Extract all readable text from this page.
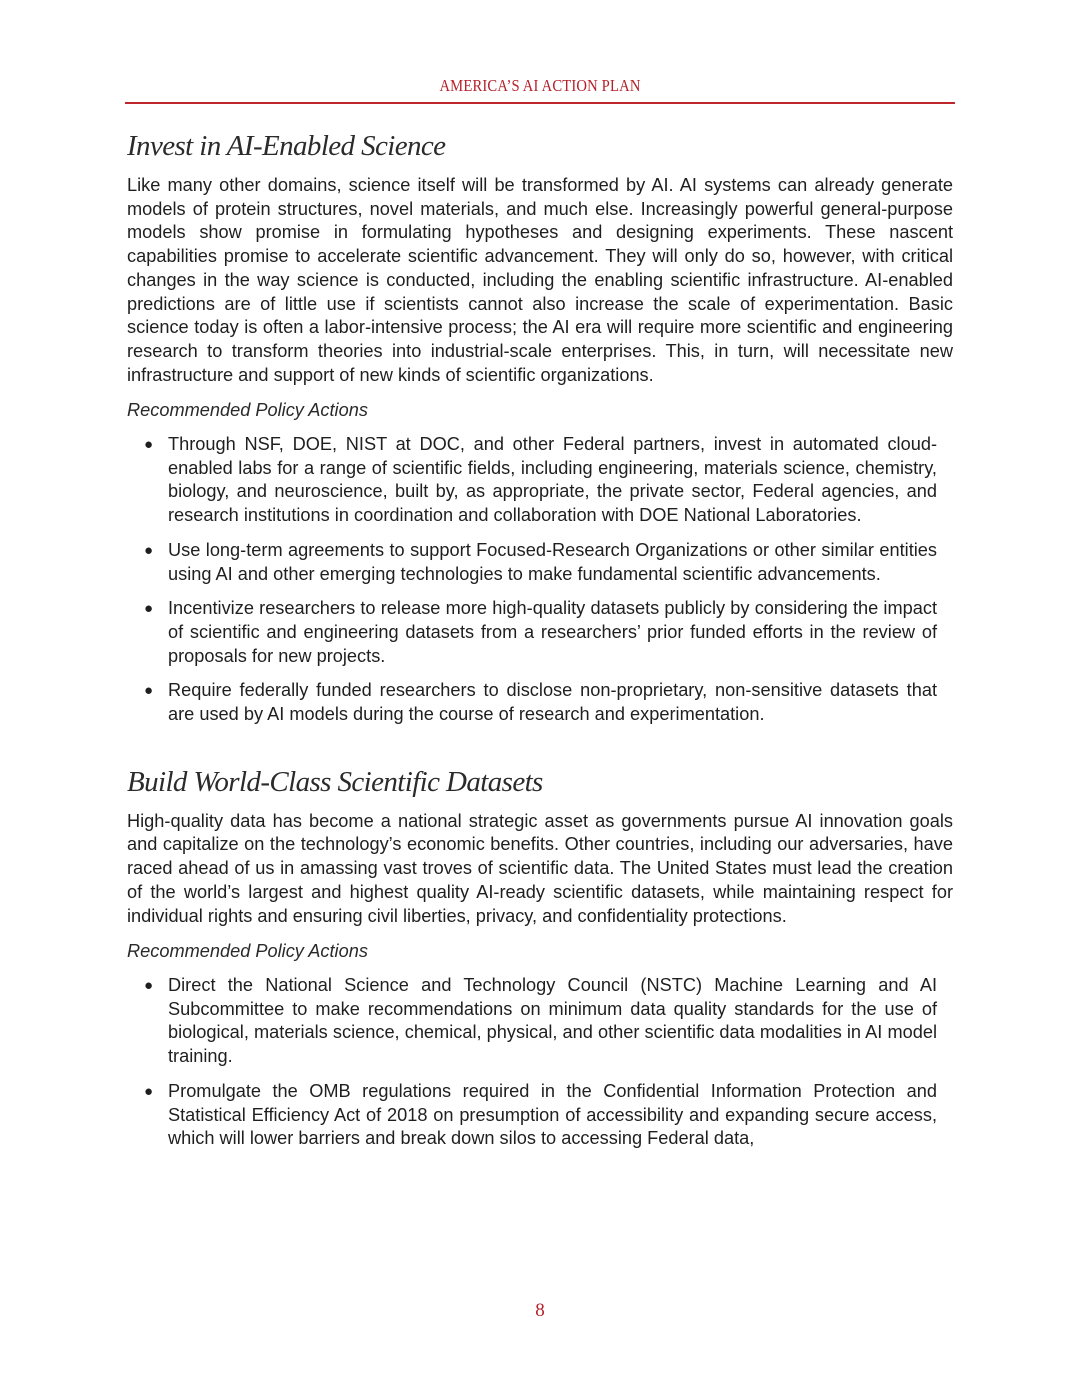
AMERICA’S AI ACTION PLAN
Invest in AI-Enabled Science

Like many other domains, science itself will be transformed by AI. AI systems can already generate models of protein structures, novel materials, and much else. Increasingly powerful general-purpose models show promise in formulating hypotheses and designing experiments. These nascent capabilities promise to accelerate scientific advancement. They will only do so, however, with critical changes in the way science is conducted, including the enabling scientific infrastructure. AI-enabled predictions are of little use if scientists cannot also increase the scale of experimentation. Basic science today is often a labor-intensive process; the AI era will require more scientific and engineering research to transform theories into industrial-scale enterprises. This, in turn, will necessitate new infrastructure and support of new kinds of scientific organizations.

Recommended Policy Actions

● Through NSF, DOE, NIST at DOC, and other Federal partners, invest in automated cloud-enabled labs for a range of scientific fields, including engineering, materials science, chemistry, biology, and neuroscience, built by, as appropriate, the private sector, Federal agencies, and research institutions in coordination and collaboration with DOE National Laboratories.
● Use long-term agreements to support Focused-Research Organizations or other similar entities using AI and other emerging technologies to make fundamental scientific advancements.
● Incentivize researchers to release more high-quality datasets publicly by considering the impact of scientific and engineering datasets from a researchers’ prior funded efforts in the review of proposals for new projects.
● Require federally funded researchers to disclose non-proprietary, non-sensitive datasets that are used by AI models during the course of research and experimentation.
Build World-Class Scientific Datasets

High-quality data has become a national strategic asset as governments pursue AI innovation goals and capitalize on the technology’s economic benefits. Other countries, including our adversaries, have raced ahead of us in amassing vast troves of scientific data. The United States must lead the creation of the world’s largest and highest quality AI-ready scientific datasets, while maintaining respect for individual rights and ensuring civil liberties, privacy, and confidentiality protections.

Recommended Policy Actions

● Direct the National Science and Technology Council (NSTC) Machine Learning and AI Subcommittee to make recommendations on minimum data quality standards for the use of biological, materials science, chemical, physical, and other scientific data modalities in AI model training.
● Promulgate the OMB regulations required in the Confidential Information Protection and Statistical Efficiency Act of 2018 on presumption of accessibility and expanding secure access, which will lower barriers and break down silos to accessing Federal data,
8
